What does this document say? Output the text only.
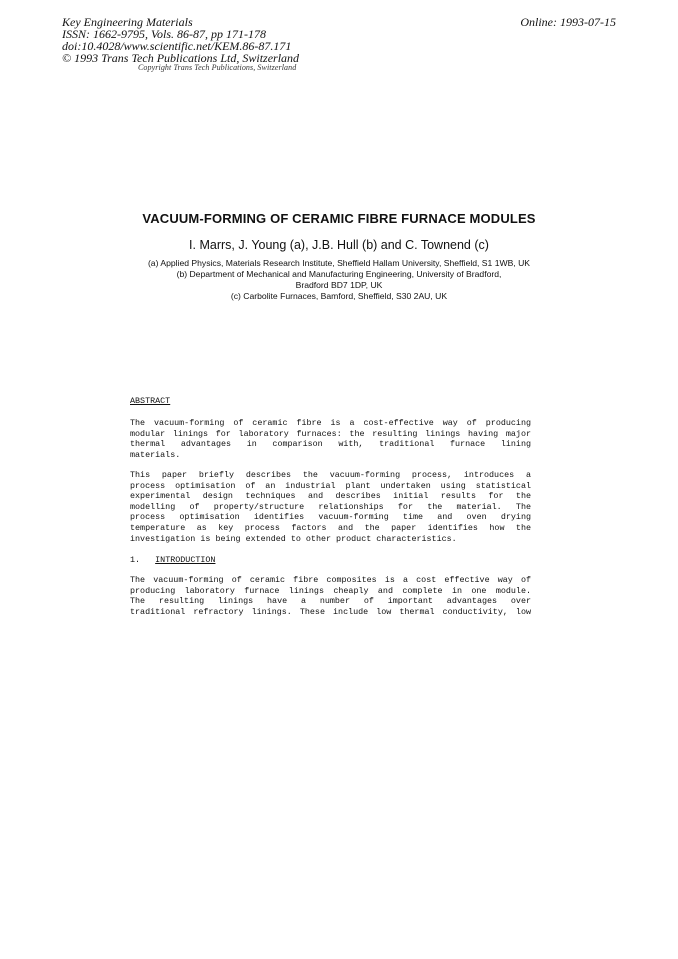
Key Engineering Materials
ISSN: 1662-9795, Vols. 86-87, pp 171-178
doi:10.4028/www.scientific.net/KEM.86-87.171
© 1993 Trans Tech Publications Ltd, Switzerland
Online: 1993-07-15
Copyright Trans Tech Publications, Switzerland
VACUUM-FORMING OF CERAMIC FIBRE FURNACE MODULES
I. Marrs, J. Young (a), J.B. Hull (b) and C. Townend (c)
(a) Applied Physics, Materials Research Institute, Sheffield Hallam University, Sheffield, S1 1WB, UK
(b) Department of Mechanical and Manufacturing Engineering, University of Bradford,
Bradford BD7 1DP, UK
(c) Carbolite Furnaces, Bamford, Sheffield, S30 2AU, UK
ABSTRACT
The vacuum-forming of ceramic fibre is a cost-effective way of producing
modular linings for laboratory furnaces: the resulting linings having major
thermal advantages in comparison with, traditional furnace lining
materials.
This paper briefly describes the vacuum-forming process, introduces a
process optimisation of an industrial plant undertaken using statistical
experimental design techniques and describes initial results for the
modelling of property/structure relationships for the material. The
process optimisation identifies vacuum-forming time and oven drying
temperature as key process factors and the paper identifies how the
investigation is being extended to other product characteristics.
1. INTRODUCTION
The vacuum-forming of ceramic fibre composites is a cost effective way of
producing laboratory furnace linings cheaply and complete in one module.
The resulting linings have a number of important advantages over
traditional refractory linings. These include low thermal conductivity, low
